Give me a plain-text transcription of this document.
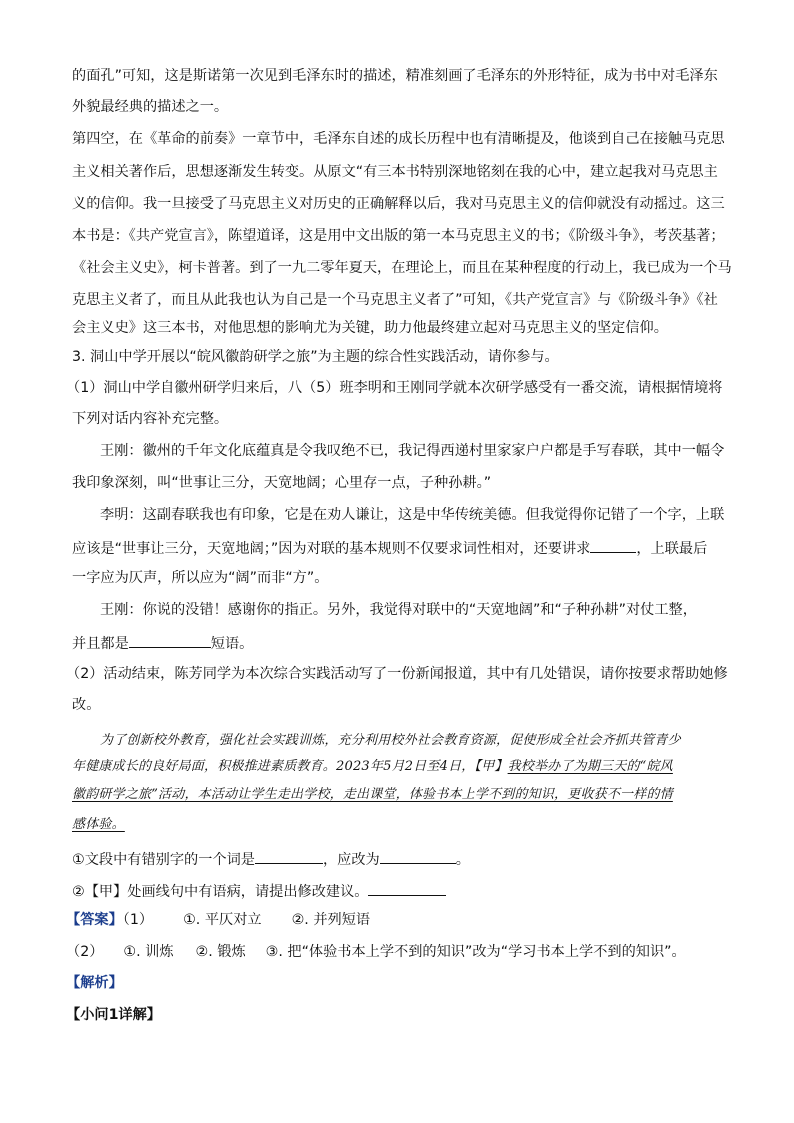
的面孔”可知，这是斯诺第一次见到毛泽东时的描述，精准刻画了毛泽东的外形特征，成为书中对毛泽东
外貌最经典的描述之一。
第四空，在《革命的前奏》一章节中，毛泽东自述的成长历程中也有清晰提及，他谈到自己在接触马克思
主义相关著作后，思想逐渐发生转变。从原文“有三本书特别深地铭刻在我的心中，建立起我对马克思主
义的信仰。我一旦接受了马克思主义对历史的正确解释以后，我对马克思主义的信仰就没有动摇过。这三
本书是：《共产党宣言》，陈望道译，这是用中文出版的第一本马克思主义的书；《阶级斗争》，考茨基著；
《社会主义史》，柯卡普著。到了一九二零年夏天，在理论上，而且在某种程度的行动上，我已成为一个马
克思主义者了，而且从此我也认为自己是一个马克思主义者了”可知，《共产党宣言》与《阶级斗争》《社
会主义史》这三本书，对他思想的影响尤为关键，助力他最终建立起对马克思主义的坚定信仰。
3. 洞山中学开展以“皖风徽韵研学之旅”为主题的综合性实践活动，请你参与。
（1）洞山中学自徽州研学归来后，八（5）班李明和王刚同学就本次研学感受有一番交流，请根据情境将
下列对话内容补充完整。
王刚：徽州的千年文化底蕴真是令我叹绝不已，我记得西递村里家家户户都是手写春联，其中一幅令
我印象深刻，叫“世事让三分，天宽地阔；心里存一点，子种孙耕。”
李明：这副春联我也有印象，它是在劝人谦让，这是中华传统美德。但我觉得你记错了一个字，上联
应该是“世事让三分，天宽地阔；”因为对联的基本规则不仅要求词性相对，还要讲求	，上联最后
一字应为仄声，所以应为“阔”而非“方”。
王刚：你说的没错！感谢你的指正。另外，我觉得对联中的“天宽地阔”和“子种孙耕”对仗工整，
并且都是	短语。
（2）活动结束，陈芳同学为本次综合实践活动写了一份新闻报道，其中有几处错误，请你按要求帮助她修
改。
为了创新校外教育，强化社会实践训炼，充分利用校外社会教育资源，促使形成全社会齐抓共管青少
年健康成长的良好局面，积极推进素质教育。2023年5月2日至4日，【甲】我校举办了为期三天的“皖风
徽韵研学之旅”活动，本活动让学生走出学校，走出课堂，体验书本上学不到的知识，更收获不一样的情
感体验。
①文段中有错别字的一个词是	，应改为	。
②【甲】处画线句中有语病，请提出修改建议。
【答案】（1） ①. 平仄对立 ②. 并列短语
（2） ①. 训炼 ②. 锻炼 ③. 把“体验书本上学不到的知识”改为“学习书本上学不到的知识”。
【解析】
【小问1详解】
